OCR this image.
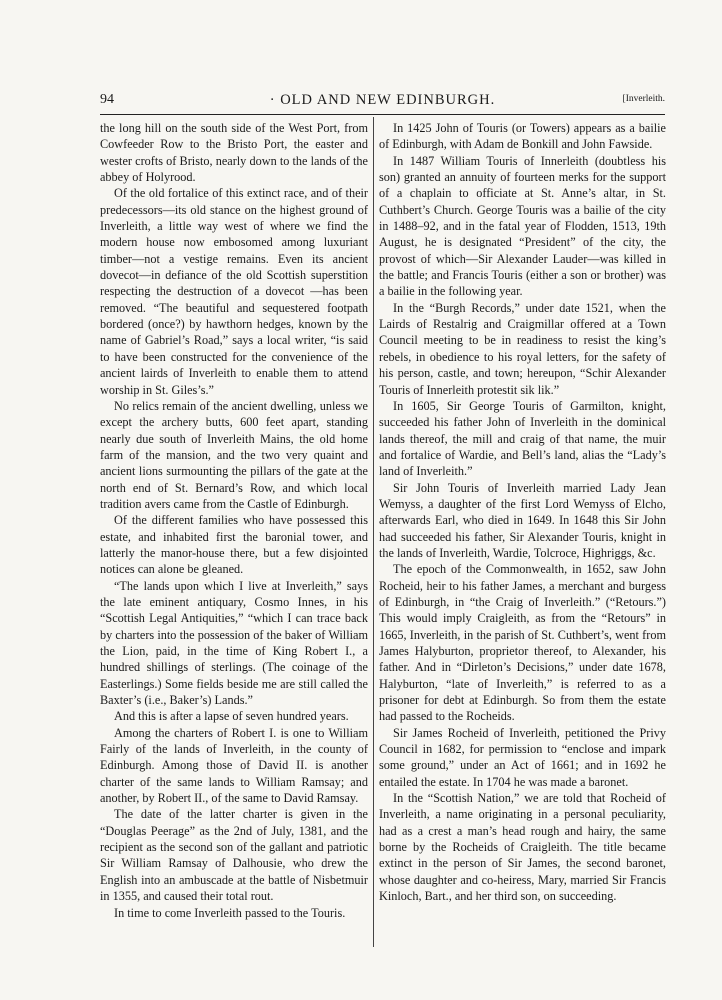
94	· OLD AND NEW EDINBURGH.	[Inverleith.

the long hill on the south side of the West Port, from Cowfeeder Row to the Bristo Port, the easter and wester crofts of Bristo, nearly down to the lands of the abbey of Holyrood.

Of the old fortalice of this extinct race, and of their predecessors—its old stance on the highest ground of Inverleith, a little way west of where we find the modern house now embosomed among luxuriant timber—not a vestige remains. Even its ancient dovecot—in defiance of the old Scottish superstition respecting the destruction of a dovecot —has been removed. “The beautiful and sequestered footpath bordered (once?) by hawthorn hedges, known by the name of Gabriel’s Road,” says a local writer, “is said to have been constructed for the convenience of the ancient lairds of Inverleith to enable them to attend worship in St. Giles’s.”

No relics remain of the ancient dwelling, unless we except the archery butts, 600 feet apart, standing nearly due south of Inverleith Mains, the old home farm of the mansion, and the two very quaint and ancient lions surmounting the pillars of the gate at the north end of St. Bernard’s Row, and which local tradition avers came from the Castle of Edinburgh.

Of the different families who have possessed this estate, and inhabited first the baronial tower, and latterly the manor-house there, but a few disjointed notices can alone be gleaned.

“The lands upon which I live at Inverleith,” says the late eminent antiquary, Cosmo Innes, in his “Scottish Legal Antiquities,” “which I can trace back by charters into the possession of the baker of William the Lion, paid, in the time of King Robert I., a hundred shillings of sterlings. (The coinage of the Easterlings.) Some fields beside me are still called the Baxter’s (i.e., Baker’s) Lands.”

And this is after a lapse of seven hundred years.

Among the charters of Robert I. is one to William Fairly of the lands of Inverleith, in the county of Edinburgh. Among those of David II. is another charter of the same lands to William Ramsay; and another, by Robert II., of the same to David Ramsay.

The date of the latter charter is given in the “Douglas Peerage” as the 2nd of July, 1381, and the recipient as the second son of the gallant and patriotic Sir William Ramsay of Dalhousie, who drew the English into an ambuscade at the battle of Nisbetmuir in 1355, and caused their total rout.

In time to come Inverleith passed to the Touris.

In 1425 John of Touris (or Towers) appears as a bailie of Edinburgh, with Adam de Bonkill and John Fawside.

In 1487 William Touris of Innerleith (doubtless his son) granted an annuity of fourteen merks for the support of a chaplain to officiate at St. Anne’s altar, in St. Cuthbert’s Church. George Touris was a bailie of the city in 1488–92, and in the fatal year of Flodden, 1513, 19th August, he is designated “President” of the city, the provost of which—Sir Alexander Lauder—was killed in the battle; and Francis Touris (either a son or brother) was a bailie in the following year.

In the “Burgh Records,” under date 1521, when the Lairds of Restalrig and Craigmillar offered at a Town Council meeting to be in readiness to resist the king’s rebels, in obedience to his royal letters, for the safety of his person, castle, and town; hereupon, “Schir Alexander Touris of Innerleith protestit sik lik.”

In 1605, Sir George Touris of Garmilton, knight, succeeded his father John of Inverleith in the dominical lands thereof, the mill and craig of that name, the muir and fortalice of Wardie, and Bell’s land, alias the “Lady’s land of Inverleith.”

Sir John Touris of Inverleith married Lady Jean Wemyss, a daughter of the first Lord Wemyss of Elcho, afterwards Earl, who died in 1649. In 1648 this Sir John had succeeded his father, Sir Alexander Touris, knight in the lands of Inverleith, Wardie, Tolcroce, Highriggs, &c.

The epoch of the Commonwealth, in 1652, saw John Rocheid, heir to his father James, a merchant and burgess of Edinburgh, in “the Craig of Inverleith.” (“Retours.”) This would imply Craigleith, as from the “Retours” in 1665, Inverleith, in the parish of St. Cuthbert’s, went from James Halyburton, proprietor thereof, to Alexander, his father. And in “Dirleton’s Decisions,” under date 1678, Halyburton, “late of Inverleith,” is referred to as a prisoner for debt at Edinburgh. So from them the estate had passed to the Rocheids.

Sir James Rocheid of Inverleith, petitioned the Privy Council in 1682, for permission to “enclose and impark some ground,” under an Act of 1661; and in 1692 he entailed the estate. In 1704 he was made a baronet.

In the “Scottish Nation,” we are told that Rocheid of Inverleith, a name originating in a personal peculiarity, had as a crest a man’s head rough and hairy, the same borne by the Rocheids of Craigleith. The title became extinct in the person of Sir James, the second baronet, whose daughter and co-heiress, Mary, married Sir Francis Kinloch, Bart., and her third son, on succeeding.
